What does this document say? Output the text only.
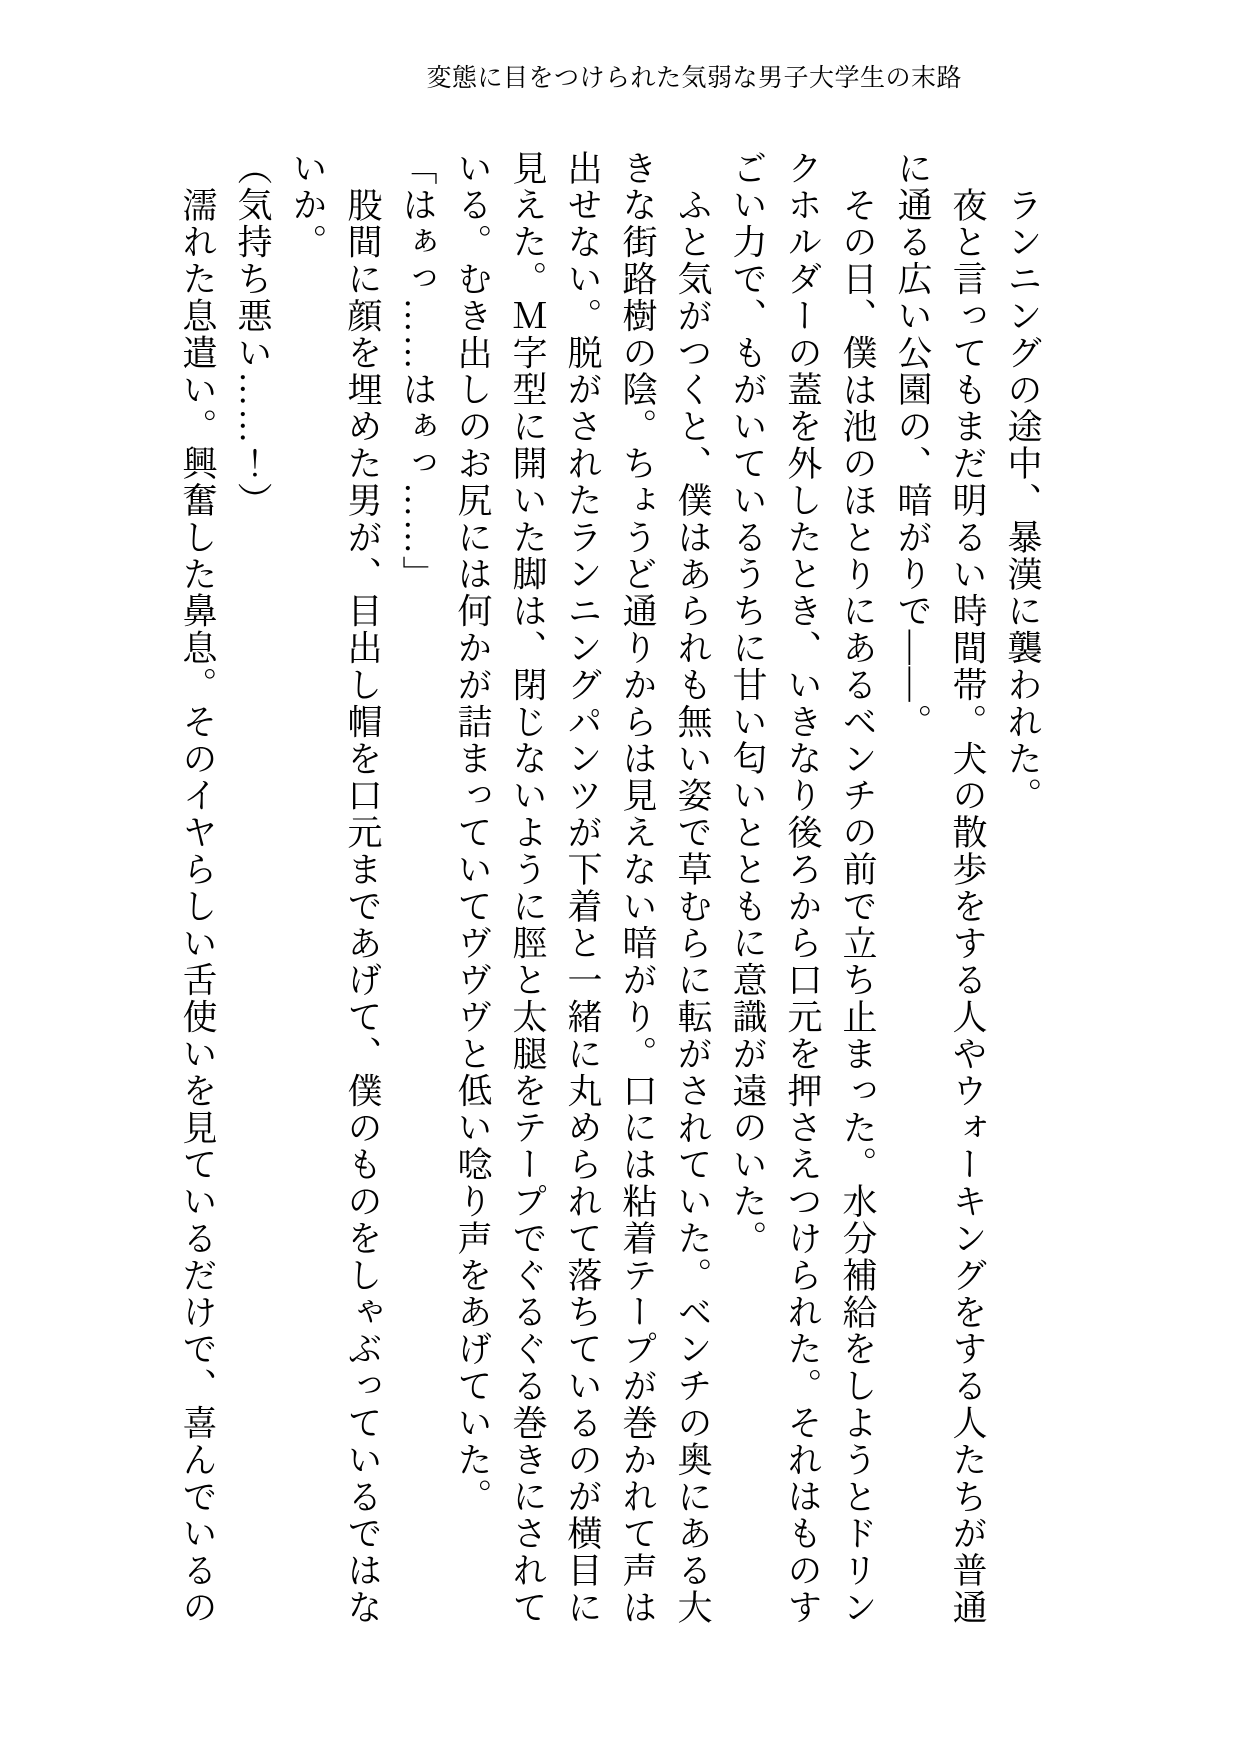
変態に目をつけられた気弱な男子大学生の末路

ランニングの途中、暴漢に襲われた。

夜と言ってもまだ明るい時間帯。犬の散歩をする人やウォーキングをする人たちが普通に通る広い公園の、暗がりで――。

その日、僕は池のほとりにあるベンチの前で立ち止まった。水分補給をしようとドリンクホルダーの蓋を外したとき、いきなり後ろから口元を押さえつけられた。それはものすごい力で、もがいているうちに甘い匂いとともに意識が遠のいた。

ふと気がつくと、僕はあられも無い姿で草むらに転がされていた。ベンチの奥にある大きな街路樹の陰。ちょうど通りからは見えない暗がり。口には粘着テープが巻かれて声は出せない。脱がされたランニングパンツが下着と一緒に丸められて落ちているのが横目に見えた。Ｍ字型に開いた脚は、閉じないように脛と太腿をテープでぐるぐる巻きにされている。むき出しのお尻には何かが詰まっていてヴヴヴと低い唸り声をあげていた。

「はぁっ……はぁっ……」

股間に顔を埋めた男が、目出し帽を口元まであげて、僕のものをしゃぶっているではないか。

（気持ち悪い……！）

濡れた息遣い。興奮した鼻息。そのイヤらしい舌使いを見ているだけで、喜んでいるの
